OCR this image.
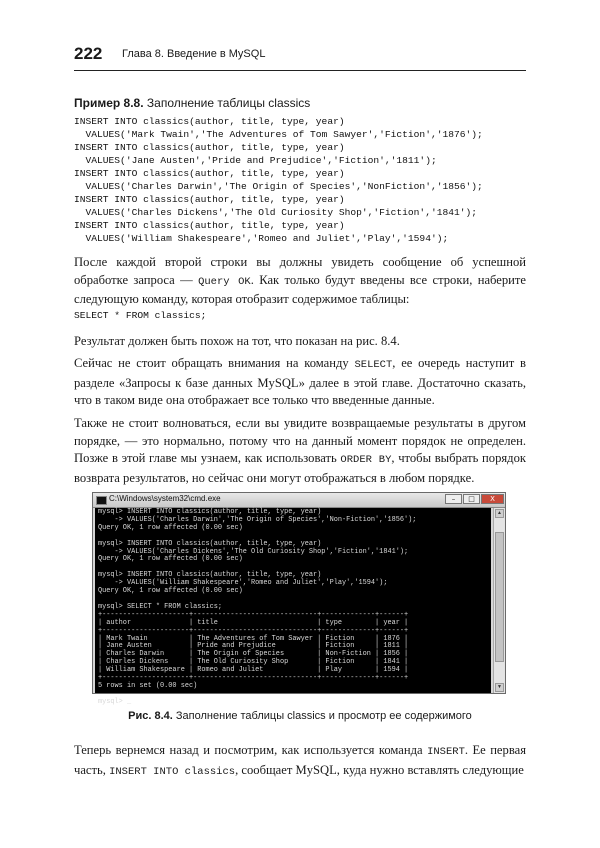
222 Глава 8. Введение в MySQL
Пример 8.8. Заполнение таблицы classics
INSERT INTO classics(author, title, type, year)
VALUES('Mark Twain','The Adventures of Tom Sawyer','Fiction','1876');
INSERT INTO classics(author, title, type, year)
VALUES('Jane Austen','Pride and Prejudice','Fiction','1811');
INSERT INTO classics(author, title, type, year)
VALUES('Charles Darwin','The Origin of Species','NonFiction','1856');
INSERT INTO classics(author, title, type, year)
VALUES('Charles Dickens','The Old Curiosity Shop','Fiction','1841');
INSERT INTO classics(author, title, type, year)
VALUES('William Shakespeare','Romeo and Juliet','Play','1594');

После каждой второй строки вы должны увидеть сообщение об успешной обработке запроса — Query OK. Как только будут введены все строки, наберите следующую команду, которая отобразит содержимое таблицы:

SELECT * FROM classics;

Результат должен быть похож на тот, что показан на рис. 8.4.

Сейчас не стоит обращать внимания на команду SELECT, ее очередь наступит в разделе «Запросы к базе данных MySQL» далее в этой главе. Достаточно сказать, что в таком виде она отображает все только что введенные данные.

Также не стоит волноваться, если вы увидите возвращаемые результаты в другом порядке, — это нормально, потому что на данный момент порядок не определен. Позже в этой главе мы узнаем, как использовать ORDER BY, чтобы выбрать порядок возврата результатов, но сейчас они могут отображаться в любом порядке.

C:\Windows\system32\cmd.exe	–	□	X
mysql> INSERT INTO classics(author, title, type, year)
-> VALUES('Charles Darwin','The Origin of Species','Non-Fiction','1856');
Query OK, 1 row affected (0.00 sec)

mysql> INSERT INTO classics(author, title, type, year)
-> VALUES('Charles Dickens','The Old Curiosity Shop','Fiction','1841');
Query OK, 1 row affected (0.00 sec)

mysql> INSERT INTO classics(author, title, type, year)
-> VALUES('William Shakespeare','Romeo and Juliet','Play','1594');
Query OK, 1 row affected (0.00 sec)

mysql> SELECT * FROM classics;
+---------------------+------------------------------+-------------+------+
| author              | title                        | type        | year |
+---------------------+------------------------------+-------------+------+
| Mark Twain          | The Adventures of Tom Sawyer | Fiction     | 1876 |
| Jane Austen         | Pride and Prejudice          | Fiction     | 1811 |
| Charles Darwin      | The Origin of Species        | Non-Fiction | 1856 |
| Charles Dickens     | The Old Curiosity Shop       | Fiction     | 1841 |
| William Shakespeare | Romeo and Juliet             | Play        | 1594 |
+---------------------+------------------------------+-------------+------+
5 rows in set (0.00 sec)

mysql> _
▲
▼
Рис. 8.4. Заполнение таблицы classics и просмотр ее содержимого

Теперь вернемся назад и посмотрим, как используется команда INSERT. Ее первая часть, INSERT INTO classics, сообщает MySQL, куда нужно вставлять следующие
